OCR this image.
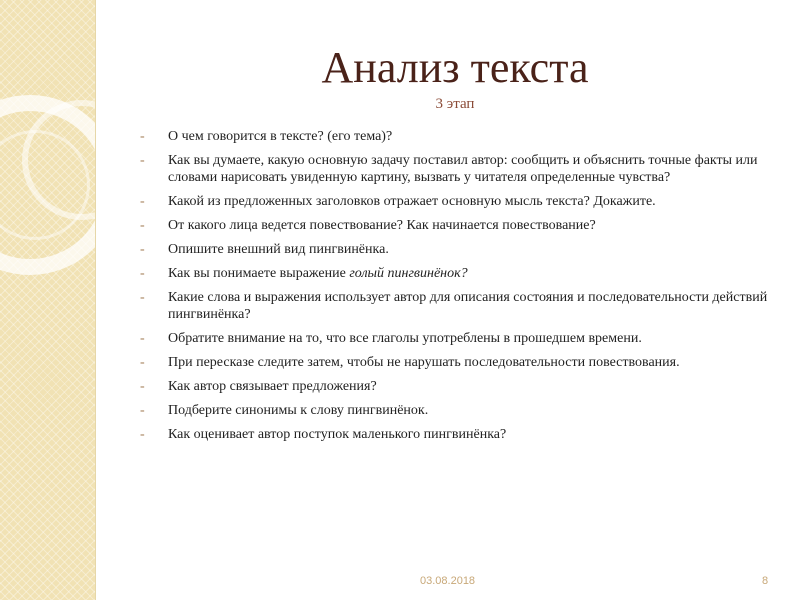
Анализ текста
3 этап
- О чем говорится в тексте? (его тема)?
- Как вы думаете, какую основную задачу поставил автор: сообщить и объяснить точные факты или словами нарисовать увиденную картину, вызвать у читателя определенные чувства?
- Какой из предложенных заголовков отражает основную мысль текста? Докажите.
- От какого лица ведется повествование? Как начинается повествование?
- Опишите внешний вид пингвинёнка.
- Как вы понимаете выражение голый пингвинёнок?
- Какие слова и выражения использует автор для описания состояния и последовательности действий пингвинёнка?
- Обратите внимание на то, что все глаголы употреблены в прошедшем времени.
- При пересказе следите затем, чтобы не нарушать последовательности повествования.
- Как автор связывает предложения?
- Подберите синонимы к слову пингвинёнок.
- Как оценивает автор поступок маленького пингвинёнка?
03.08.2018	8
